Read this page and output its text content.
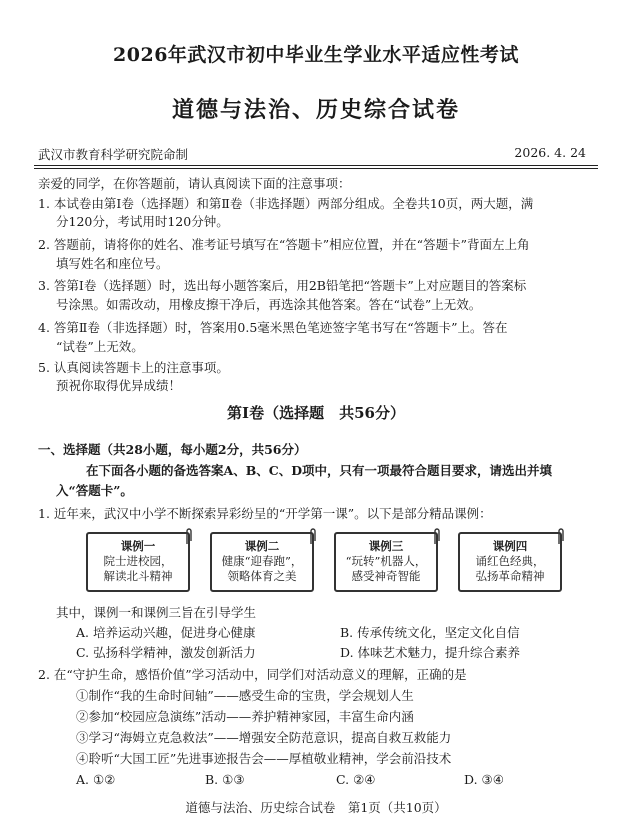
2026年武汉市初中毕业生学业水平适应性考试
道德与法治、历史综合试卷
武汉市教育科学研究院命制	2026. 4. 24
亲爱的同学，在你答题前，请认真阅读下面的注意事项：
1. 本试卷由第Ⅰ卷（选择题）和第Ⅱ卷（非选择题）两部分组成。全卷共10页，两大题，满
分120分，考试用时120分钟。
2. 答题前，请将你的姓名、准考证号填写在“答题卡”相应位置，并在“答题卡”背面左上角
填写姓名和座位号。
3. 答第Ⅰ卷（选择题）时，选出每小题答案后，用2B铅笔把“答题卡”上对应题目的答案标
号涂黑。如需改动，用橡皮擦干净后，再选涂其他答案。答在“试卷”上无效。
4. 答第Ⅱ卷（非选择题）时，答案用0.5毫米黑色笔迹签字笔书写在“答题卡”上。答在
“试卷”上无效。
5. 认真阅读答题卡上的注意事项。
预祝你取得优异成绩！
第Ⅰ卷（选择题　共56分）
一、选择题（共28小题，每小题2分，共56分）
在下面各小题的备选答案A、B、C、D项中，只有一项最符合题目要求，请选出并填
入“答题卡”。
1. 近年来，武汉中小学不断探索异彩纷呈的“开学第一课”。以下是部分精品课例：
课例一
院士进校园，
解读北斗精神
课例二
健康“迎春跑”，
领略体育之美
课例三
“玩转”机器人，
感受神奇智能
课例四
诵红色经典，
弘扬革命精神
其中，课例一和课例三旨在引导学生
A. 培养运动兴趣，促进身心健康	B. 传承传统文化，坚定文化自信
C. 弘扬科学精神，激发创新活力	D. 体味艺术魅力，提升综合素养
2. 在“守护生命，感悟价值”学习活动中，同学们对活动意义的理解，正确的是
①制作“我的生命时间轴”——感受生命的宝贵，学会规划人生
②参加“校园应急演练”活动——养护精神家园，丰富生命内涵
③学习“海姆立克急救法”——增强安全防范意识，提高自救互救能力
④聆听“大国工匠”先进事迹报告会——厚植敬业精神，学会前沿技术
A. ①②	B. ①③	C. ②④	D. ③④
道德与法治、历史综合试卷　第1页（共10页）
